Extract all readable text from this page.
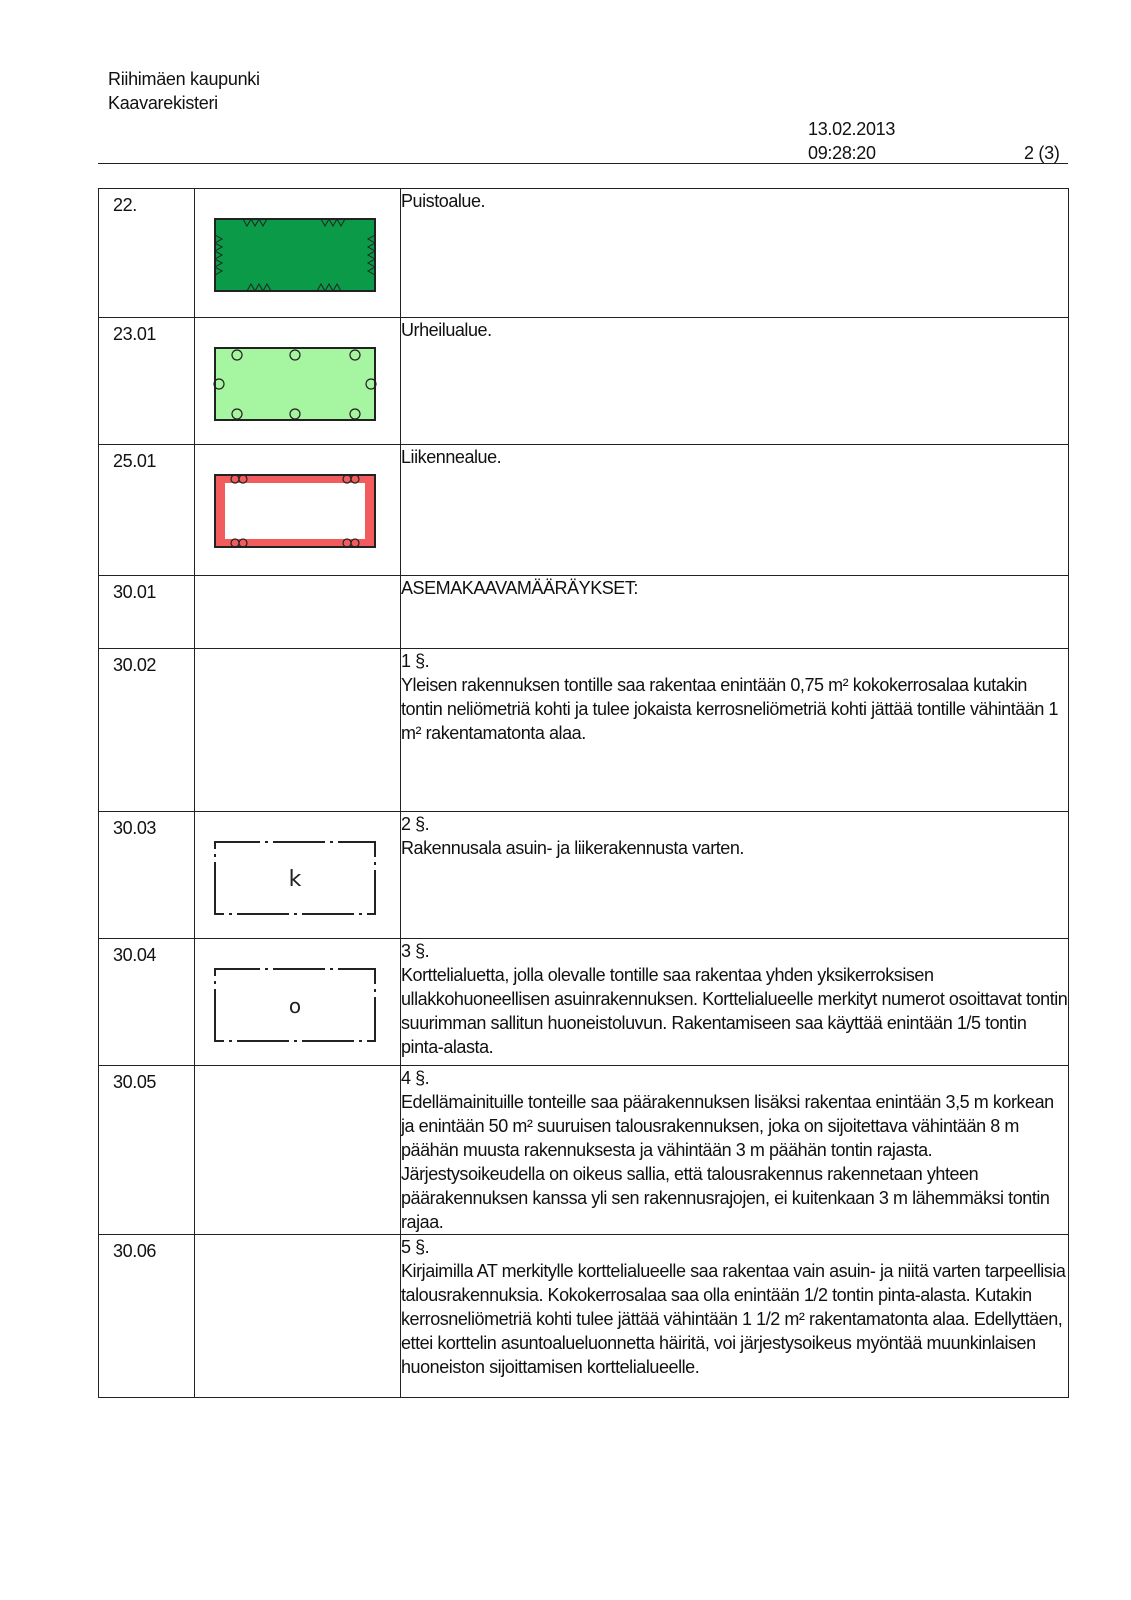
Riihimäen kaupunki
Kaavarekisteri
13.02.2013
09:28:20	2 (3)
22.		Puistoalue.

23.01		Urheilualue.

25.01		Liikennealue.

30.01		ASEMAKAAVAMÄÄRÄYKSET:

30.02		1 §.
Yleisen rakennuksen tontille saa rakentaa enintään 0,75 m² kokokerrosalaa kutakin tontin neliömetriä kohti ja tulee jokaista kerrosneliömetriä kohti jättää tontille vähintään 1 m² rakentamatonta alaa.

30.03	k	2 §.
Rakennusala asuin- ja liikerakennusta varten.

30.04	o	3 §.
Korttelialuetta, jolla olevalle tontille saa rakentaa yhden yksikerroksisen ullakkohuoneellisen asuinrakennuksen. Korttelialueelle merkityt numerot osoittavat tontin suurimman sallitun huoneistoluvun. Rakentamiseen saa käyttää enintään 1/5 tontin pinta-alasta.

30.05		4 §.
Edellämainituille tonteille saa päärakennuksen lisäksi rakentaa enintään 3,5 m korkean ja enintään 50 m² suuruisen talousrakennuksen, joka on sijoitettava vähintään 8 m päähän muusta rakennuksesta ja vähintään 3 m päähän tontin rajasta. Järjestysoikeudella on oikeus sallia, että talousrakennus rakennetaan yhteen päärakennuksen kanssa yli sen rakennusrajojen, ei kuitenkaan 3 m lähemmäksi tontin rajaa.

30.06		5 §.
Kirjaimilla AT merkitylle korttelialueelle saa rakentaa vain asuin- ja niitä varten tarpeellisia talousrakennuksia. Kokokerrosalaa saa olla enintään 1/2 tontin pinta-alasta. Kutakin kerrosneliömetriä kohti tulee jättää vähintään 1 1/2 m² rakentamatonta alaa. Edellyttäen, ettei korttelin asuntoalueluonnetta häiritä, voi järjestysoikeus myöntää muunkinlaisen huoneiston sijoittamisen korttelialueelle.
